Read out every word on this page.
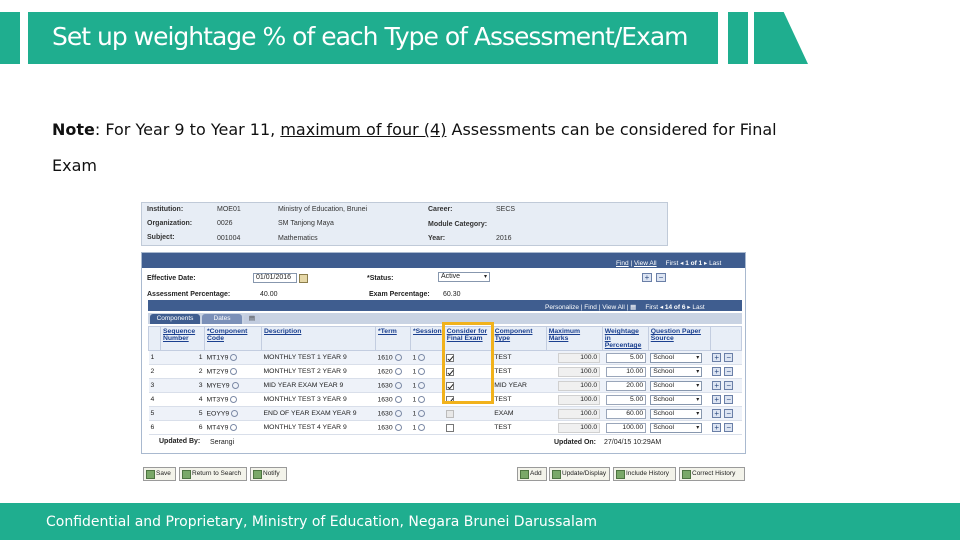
Set up weightage % of each Type of Assessment/Exam
Note: For Year 9 to Year 11, maximum of four (4) Assessments can be considered for Final Exam
Institution:	MOE01	Ministry of Education, Brunei	Career:	SECS
Organization:	0026	SM Tanjong Maya	Module Category:
Subject:	001004	Mathematics	Year:	2016
Find | View All First ◂ 1 of 1 ▸ Last
Effective Date:	01/01/2016	*Status:	Active	▾	+	−
Assessment Percentage:	40.00	Exam Percentage: 60.30
Personalize | Find | View All | ▦ First ◂ 14 of 6 ▸ Last
Components	Dates	▤
	Sequence Number	*Component Code	Description	*Term	*Session	Consider for Final Exam	Component Type	Maximum Marks	Weightage in Percentage	Question Paper Source	
1	1	MT1Y9	MONTHLY TEST 1 YEAR 9	1610	1		TEST	100.0	5.00	School ▾	+ −
2	2	MT2Y9	MONTHLY TEST 2 YEAR 9	1620	1		TEST	100.0	10.00	School ▾	+ −
3	3	MYEY9	MID YEAR EXAM YEAR 9	1630	1		MID YEAR	100.0	20.00	School ▾	+ −
4	4	MT3Y9	MONTHLY TEST 3 YEAR 9	1630	1		TEST	100.0	5.00	School ▾	+ −
5	5	EOYY9	END OF YEAR EXAM YEAR 9	1630	1		EXAM	100.0	60.00	School ▾	+ −
6	6	MT4Y9	MONTHLY TEST 4 YEAR 9	1630	1		TEST	100.0	100.00	School ▾	+ −
Updated By: Serangi	Updated On: 27/04/15 10:29AM
Save	Return to Search	Notify	Add	Update/Display	Include History	Correct History
Confidential and Proprietary, Ministry of Education, Negara Brunei Darussalam
